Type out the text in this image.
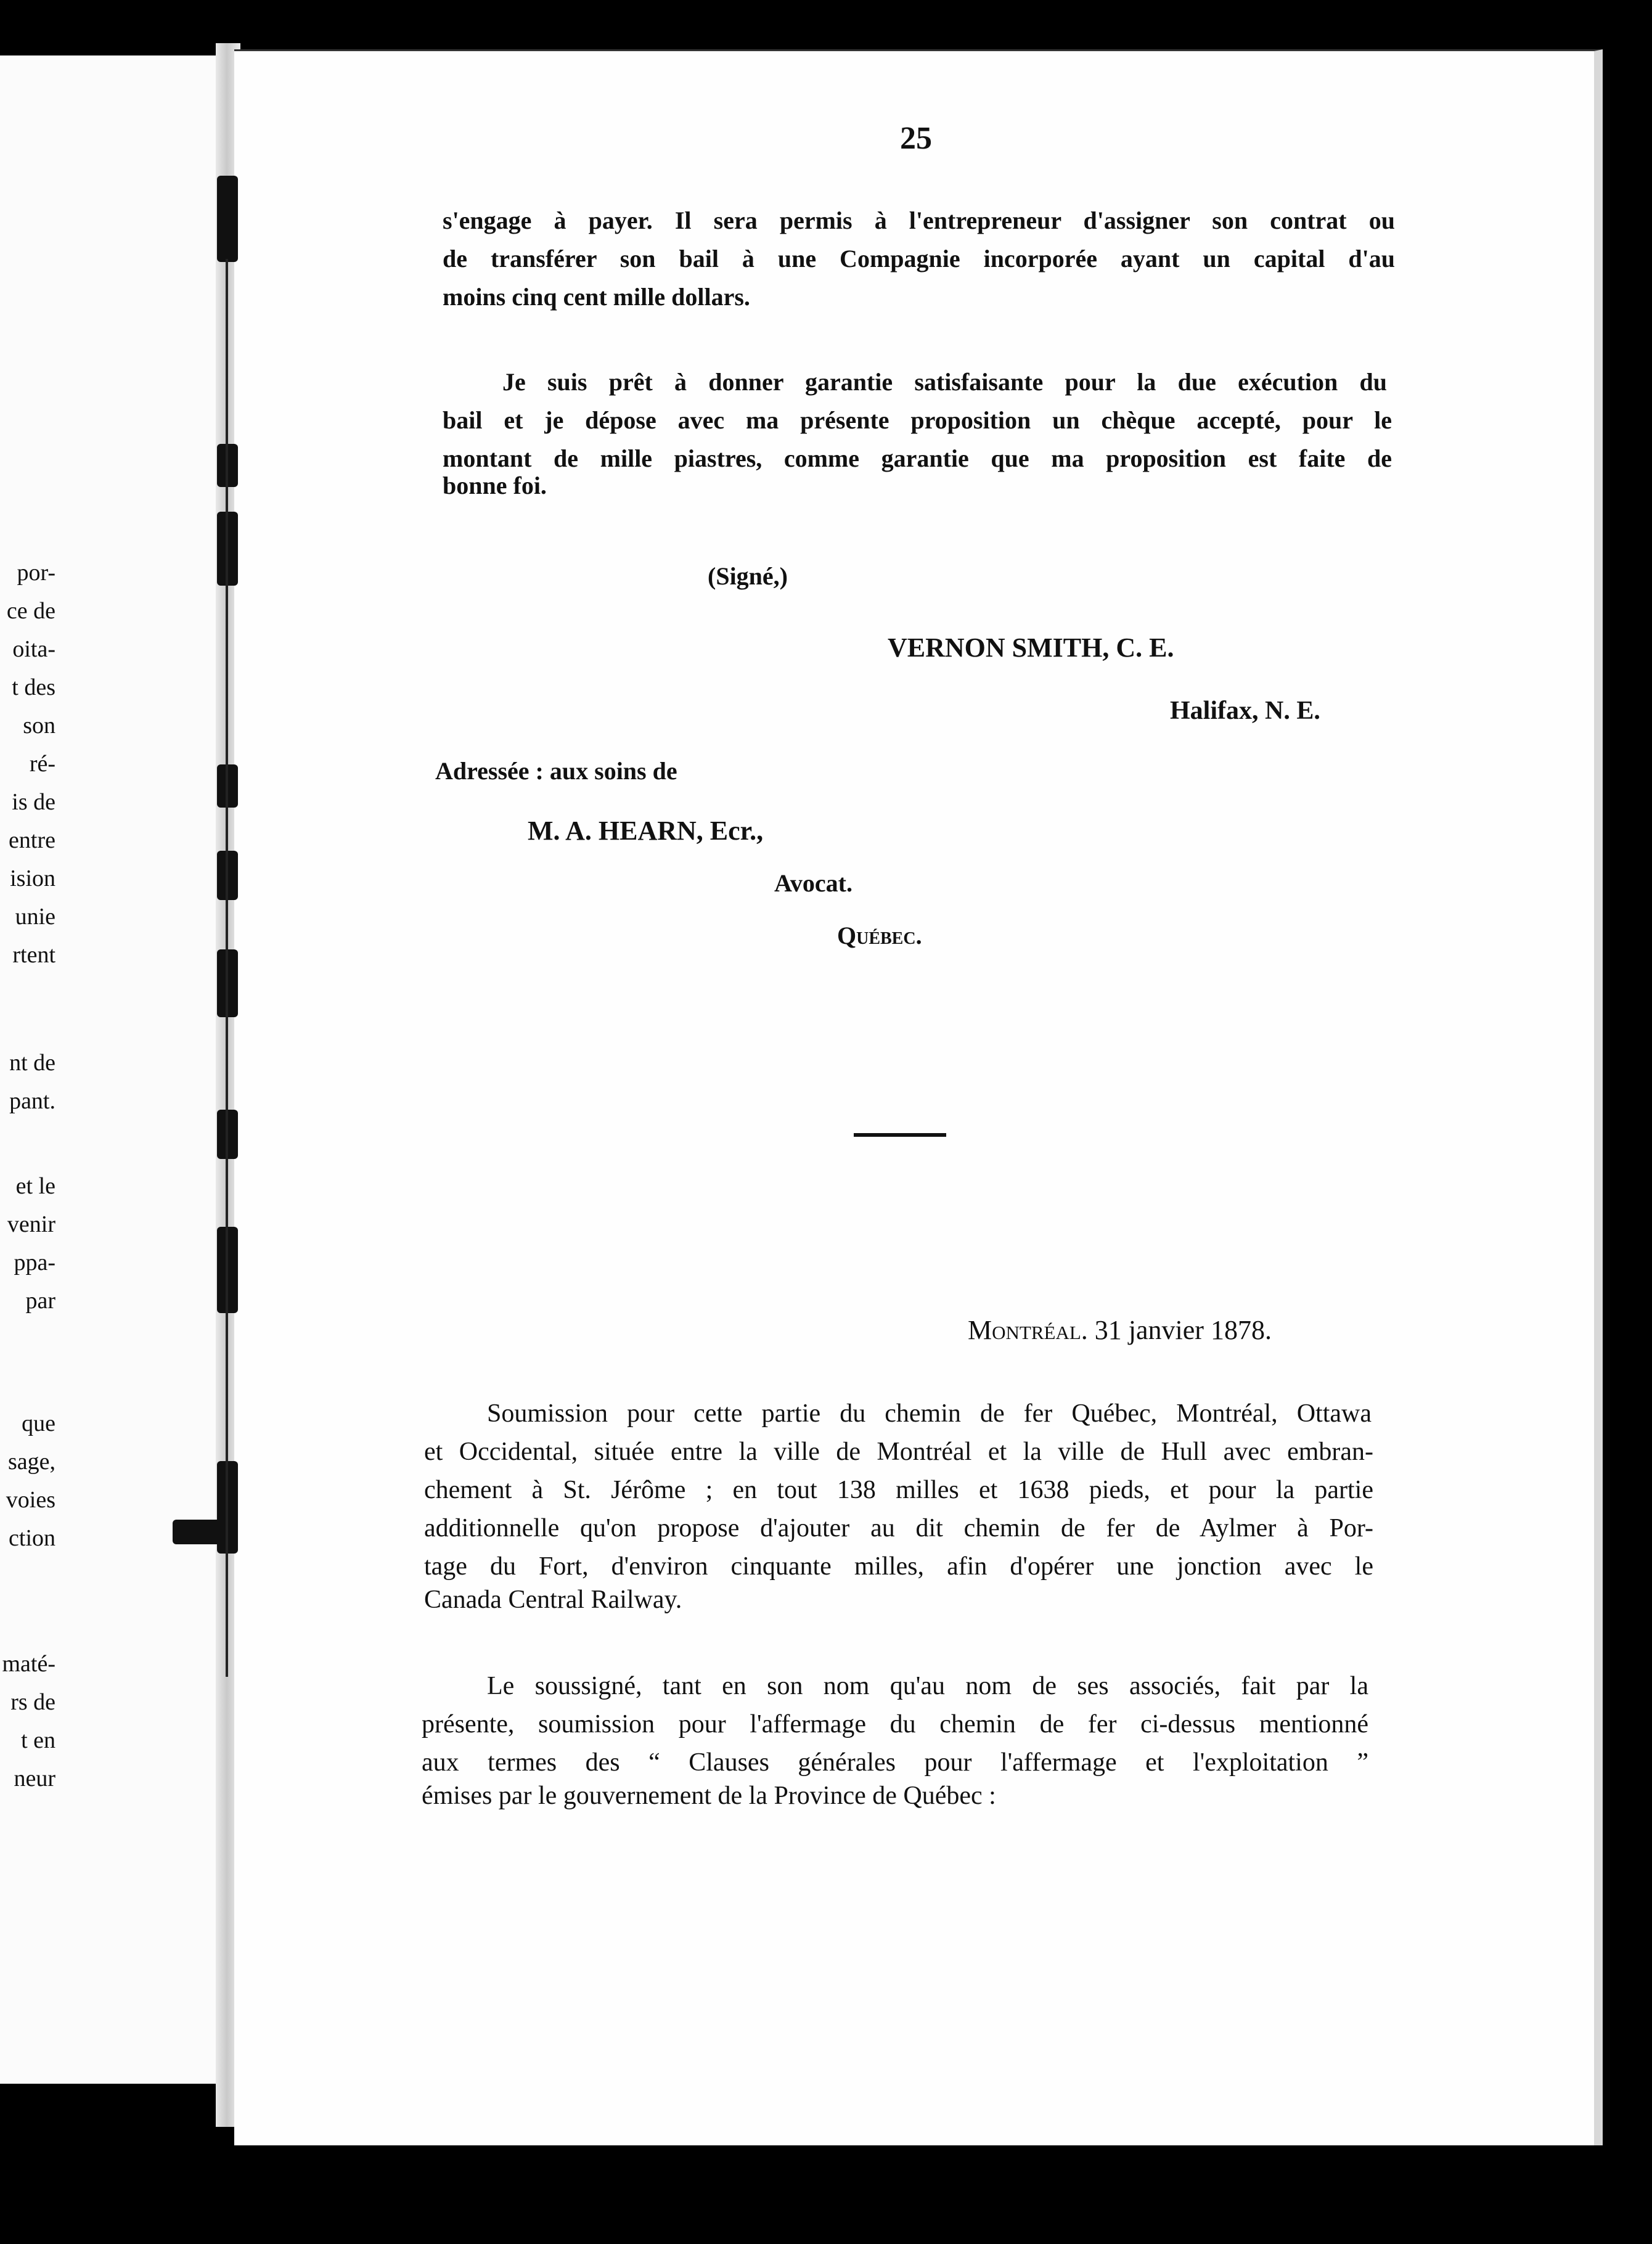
por-
ce de
oita-
t des
son
ré-
is de
entre
ision
unie
rtent
nt de
pant.
et le
venir
ppa-
par
que
sage,
voies
ction
maté-
rs de
t en
neur
25
s'engage à payer. Il sera permis à l'entrepreneur d'assigner son contrat ou
de transférer son bail à une Compagnie incorporée ayant un capital d'au
moins cinq cent mille dollars.
Je suis prêt à donner garantie satisfaisante pour la due exécution du
bail et je dépose avec ma présente proposition un chèque accepté, pour le
montant de mille piastres, comme garantie que ma proposition est faite de
bonne foi.
(Signé,)
VERNON SMITH, C. E.
Halifax, N. E.
Adressée : aux soins de
M. A. HEARN, Ecr.,
Avocat.
Québec.
Montréal. 31 janvier 1878.
Soumission pour cette partie du chemin de fer Québec, Montréal, Ottawa
et Occidental, située entre la ville de Montréal et la ville de Hull avec embran-
chement à St. Jérôme ; en tout 138 milles et 1638 pieds, et pour la partie
additionnelle qu'on propose d'ajouter au dit chemin de fer de Aylmer à Por-
tage du Fort, d'environ cinquante milles, afin d'opérer une jonction avec le
Canada Central Railway.
Le soussigné, tant en son nom qu'au nom de ses associés, fait par la
présente, soumission pour l'affermage du chemin de fer ci-dessus mentionné
aux termes des “ Clauses générales pour l'affermage et l'exploitation ”
émises par le gouvernement de la Province de Québec :
